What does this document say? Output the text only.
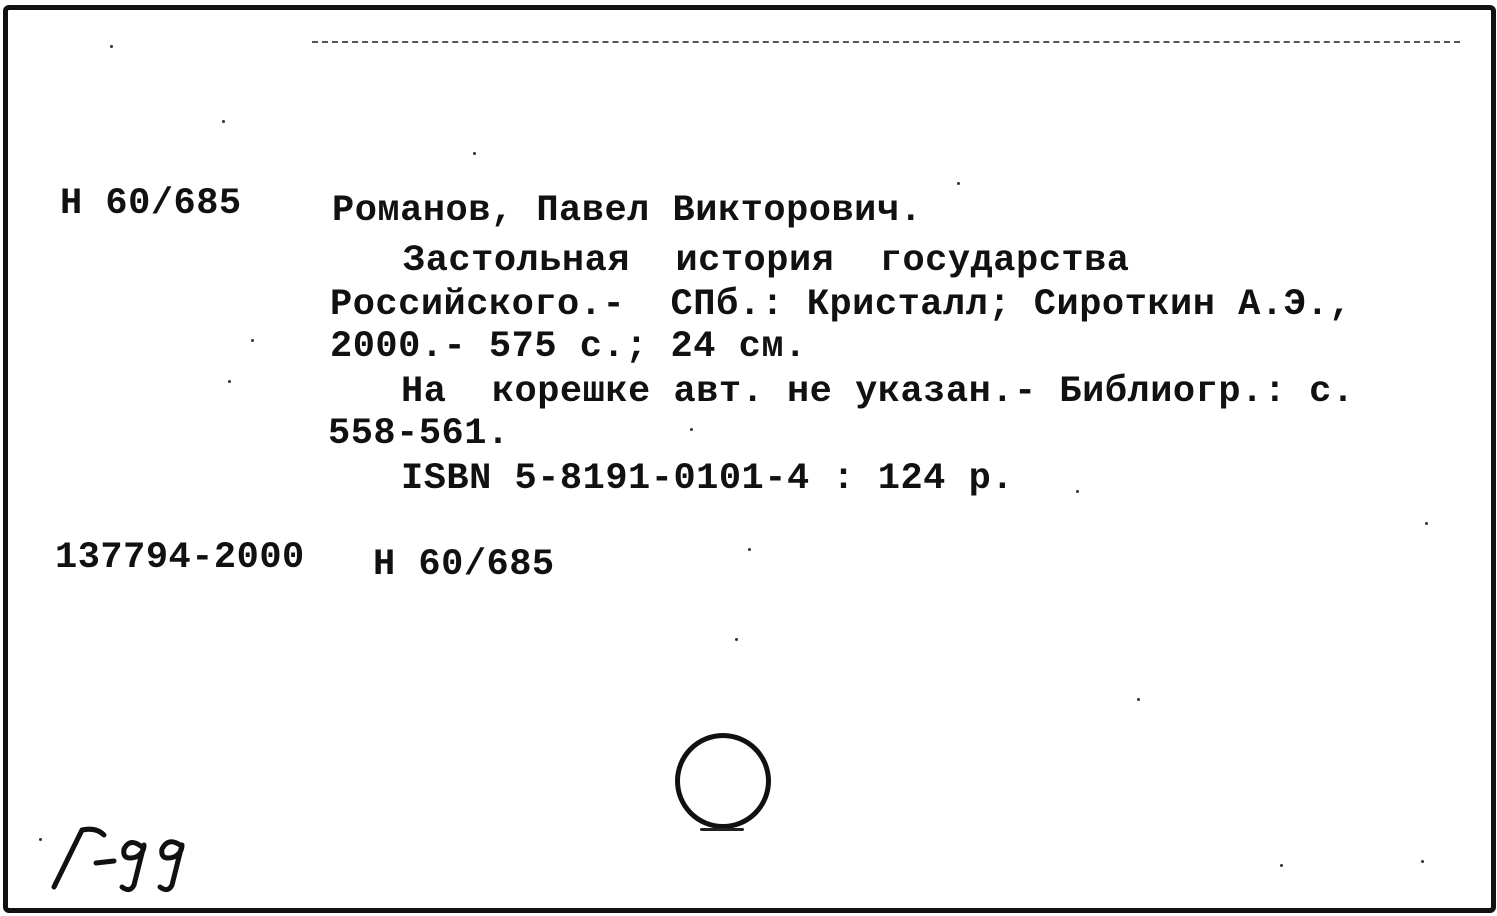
Н 60/685 Романов, Павел Викторович.
Застольная  история  государства
Российского.-  СПб.: Кристалл; Сироткин А.Э.,
2000.- 575 с.; 24 см.
На  корешке авт. не указан.- Библиогр.: с.
558-561.
ISBN 5-8191-0101-4 : 124 р.
137794-2000 Н 60/685
